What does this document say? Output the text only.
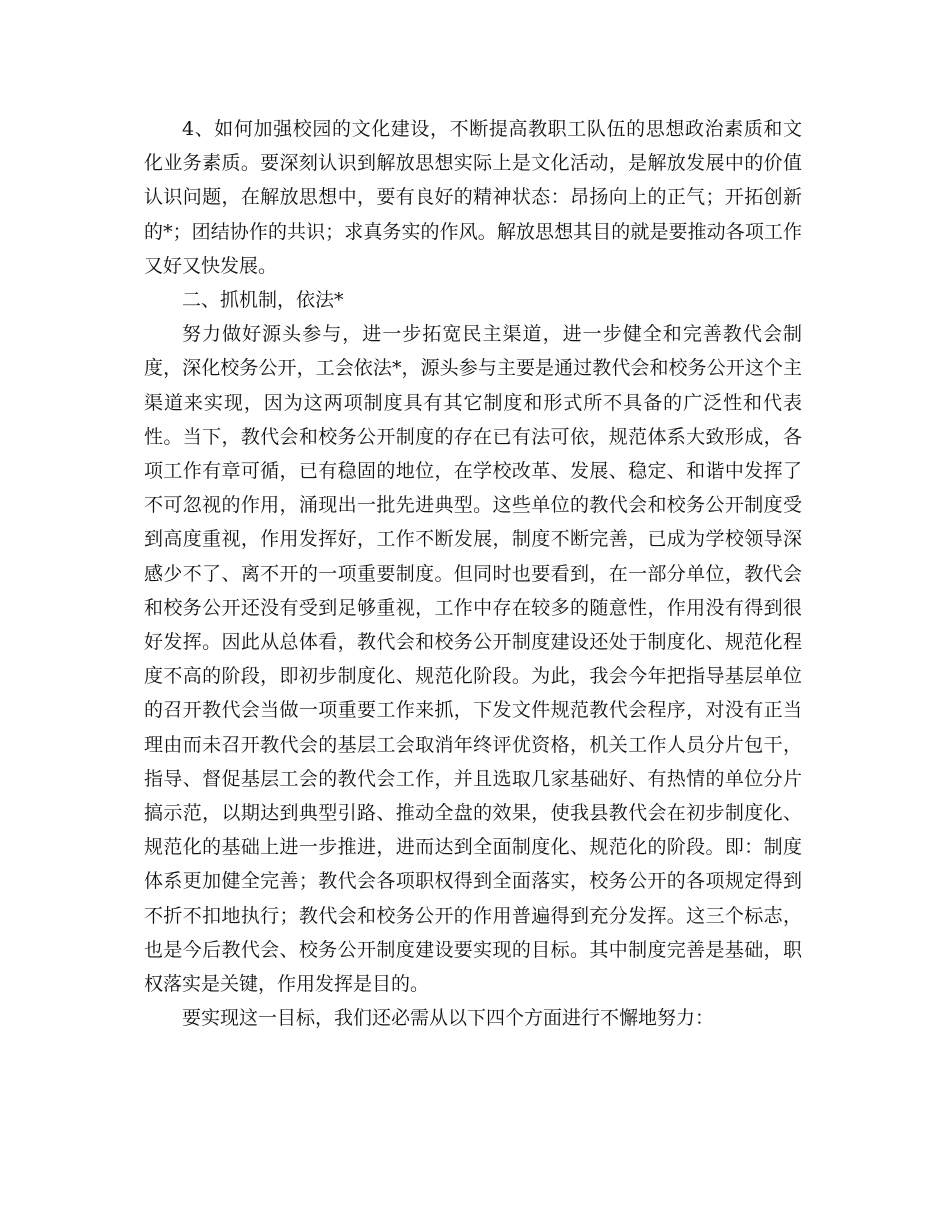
4、如何加强校园的文化建设，不断提高教职工队伍的思想政治素质和文化业务素质。要深刻认识到解放思想实际上是文化活动，是解放发展中的价值认识问题，在解放思想中，要有良好的精神状态：昂扬向上的正气；开拓创新的*；团结协作的共识；求真务实的作风。解放思想其目的就是要推动各项工作又好又快发展。

二、抓机制，依法*

努力做好源头参与，进一步拓宽民主渠道，进一步健全和完善教代会制度，深化校务公开，工会依法*，源头参与主要是通过教代会和校务公开这个主渠道来实现，因为这两项制度具有其它制度和形式所不具备的广泛性和代表性。当下，教代会和校务公开制度的存在已有法可依，规范体系大致形成，各项工作有章可循，已有稳固的地位，在学校改革、发展、稳定、和谐中发挥了不可忽视的作用，涌现出一批先进典型。这些单位的教代会和校务公开制度受到高度重视，作用发挥好，工作不断发展，制度不断完善，已成为学校领导深感少不了、离不开的一项重要制度。但同时也要看到，在一部分单位，教代会和校务公开还没有受到足够重视，工作中存在较多的随意性，作用没有得到很好发挥。因此从总体看，教代会和校务公开制度建设还处于制度化、规范化程度不高的阶段，即初步制度化、规范化阶段。为此，我会今年把指导基层单位的召开教代会当做一项重要工作来抓，下发文件规范教代会程序，对没有正当理由而未召开教代会的基层工会取消年终评优资格，机关工作人员分片包干，指导、督促基层工会的教代会工作，并且选取几家基础好、有热情的单位分片搞示范，以期达到典型引路、推动全盘的效果，使我县教代会在初步制度化、规范化的基础上进一步推进，进而达到全面制度化、规范化的阶段。即：制度体系更加健全完善；教代会各项职权得到全面落实，校务公开的各项规定得到不折不扣地执行；教代会和校务公开的作用普遍得到充分发挥。这三个标志，也是今后教代会、校务公开制度建设要实现的目标。其中制度完善是基础，职权落实是关键，作用发挥是目的。

要实现这一目标，我们还必需从以下四个方面进行不懈地努力：
